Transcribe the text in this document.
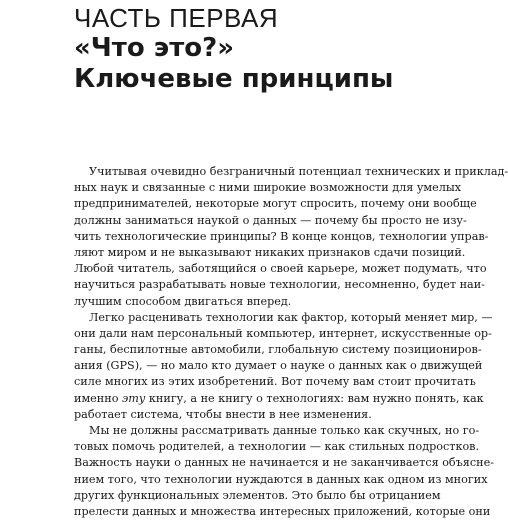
ЧАСТЬ ПЕРВАЯ
«Что это?»
Ключевые принципы
Учитывая очевидно безграничный потенциал технических и приклад-
ных наук и связанные с ними широкие возможности для умелых
предпринимателей, некоторые могут спросить, почему они вообще
должны заниматься наукой о данных — почему бы просто не изу-
чить технологические принципы? В конце концов, технологии управ-
ляют миром и не выказывают никаких признаков сдачи позиций.
Любой читатель, заботящийся о своей карьере, может подумать, что
научиться разрабатывать новые технологии, несомненно, будет наи-
лучшим способом двигаться вперед.
Легко расценивать технологии как фактор, который меняет мир, —
они дали нам персональный компьютер, интернет, искусственные ор-
ганы, беспилотные автомобили, глобальную систему позициониров-
ания (GPS), — но мало кто думает о науке о данных как о движущей
силе многих из этих изобретений. Вот почему вам стоит прочитать
именно эту книгу, а не книгу о технологиях: вам нужно понять, как
работает система, чтобы внести в нее изменения.
Мы не должны рассматривать данные только как скучных, но го-
товых помочь родителей, а технологии — как стильных подростков.
Важность науки о данных не начинается и не заканчивается объясне-
нием того, что технологии нуждаются в данных как одном из многих
других функциональных элементов. Это было бы отрицанием
прелести данных и множества интересных приложений, которые они
